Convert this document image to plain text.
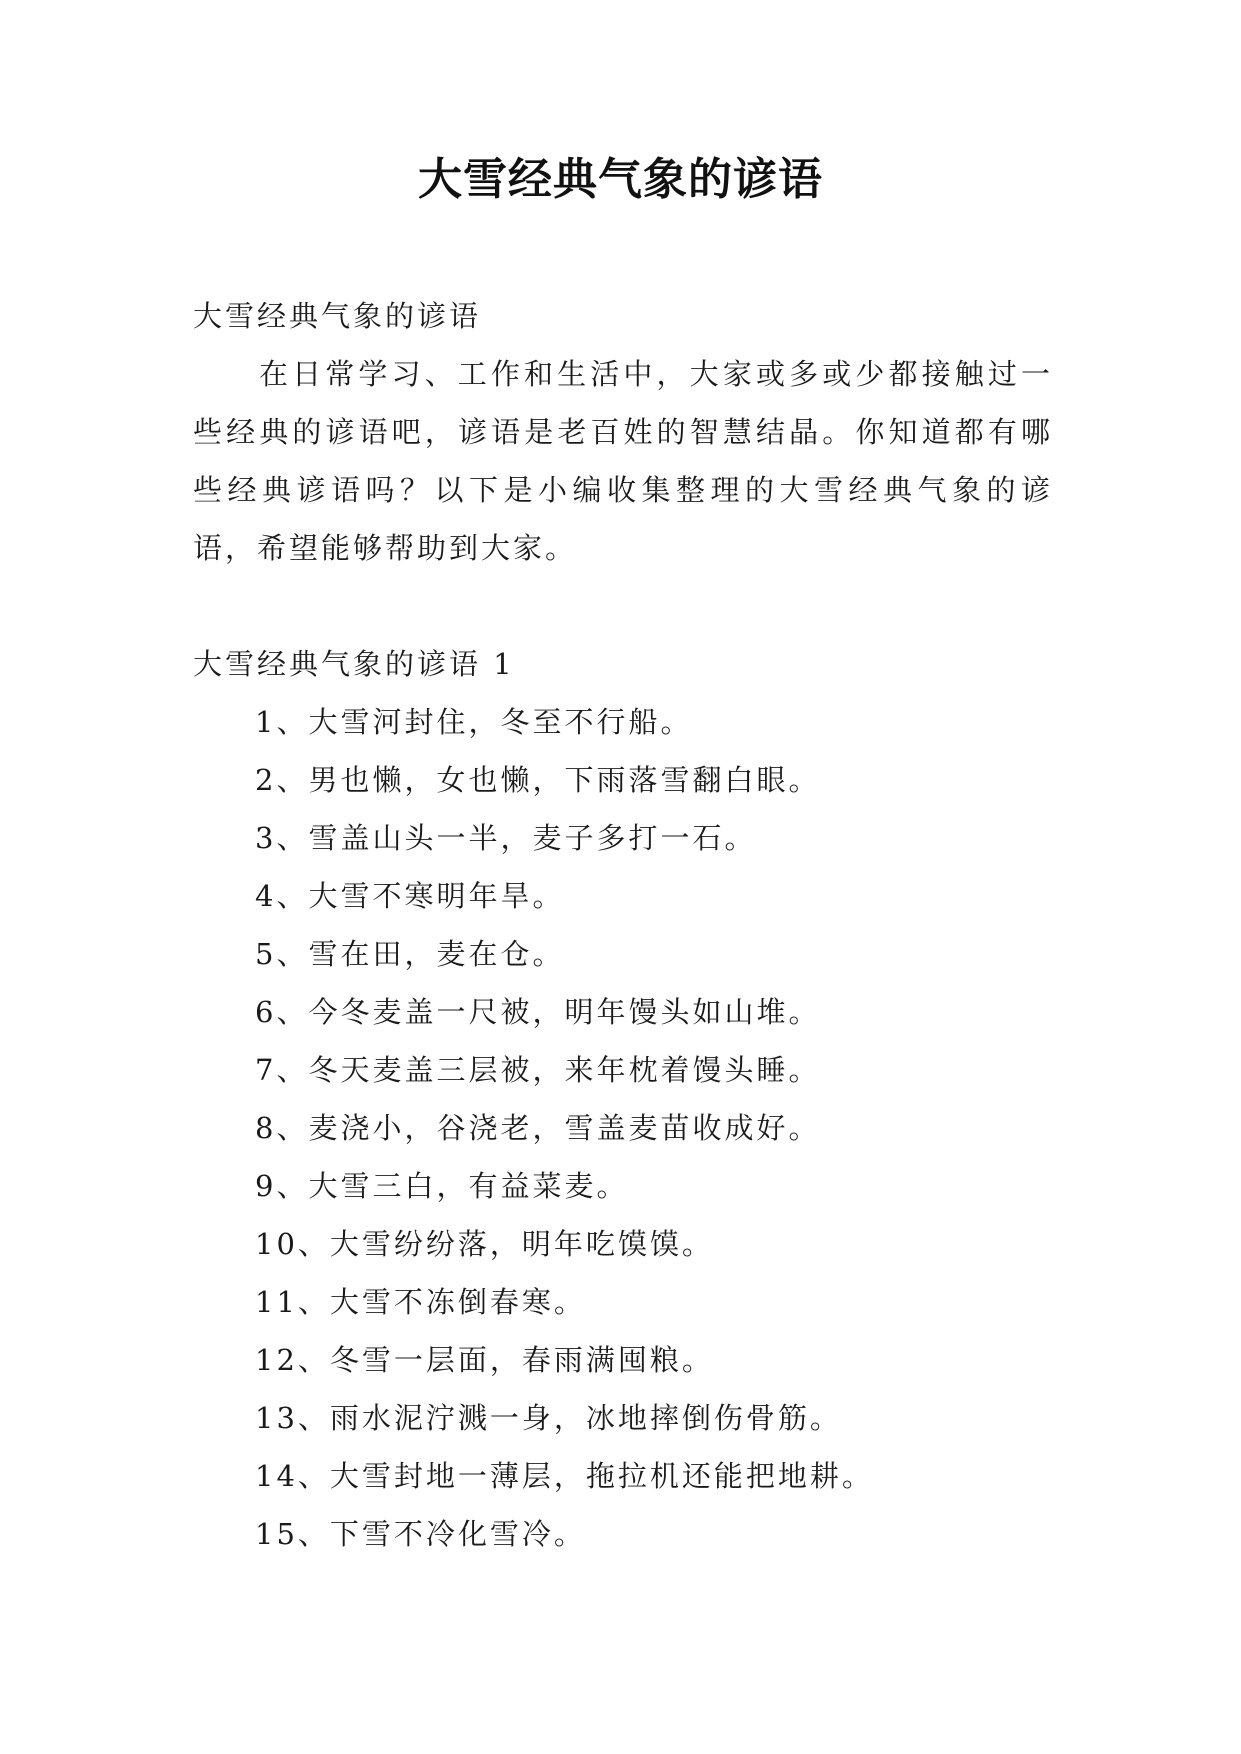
大雪经典气象的谚语

大雪经典气象的谚语

在日常学习、工作和生活中，大家或多或少都接触过一些经典的谚语吧，谚语是老百姓的智慧结晶。你知道都有哪些经典谚语吗？以下是小编收集整理的大雪经典气象的谚语，希望能够帮助到大家。

大雪经典气象的谚语 1

1、大雪河封住，冬至不行船。
2、男也懒，女也懒，下雨落雪翻白眼。
3、雪盖山头一半，麦子多打一石。
4、大雪不寒明年旱。
5、雪在田，麦在仓。
6、今冬麦盖一尺被，明年馒头如山堆。
7、冬天麦盖三层被，来年枕着馒头睡。
8、麦浇小，谷浇老，雪盖麦苗收成好。
9、大雪三白，有益菜麦。
10、大雪纷纷落，明年吃馍馍。
11、大雪不冻倒春寒。
12、冬雪一层面，春雨满囤粮。
13、雨水泥泞溅一身，冰地摔倒伤骨筋。
14、大雪封地一薄层，拖拉机还能把地耕。
15、下雪不冷化雪冷。
